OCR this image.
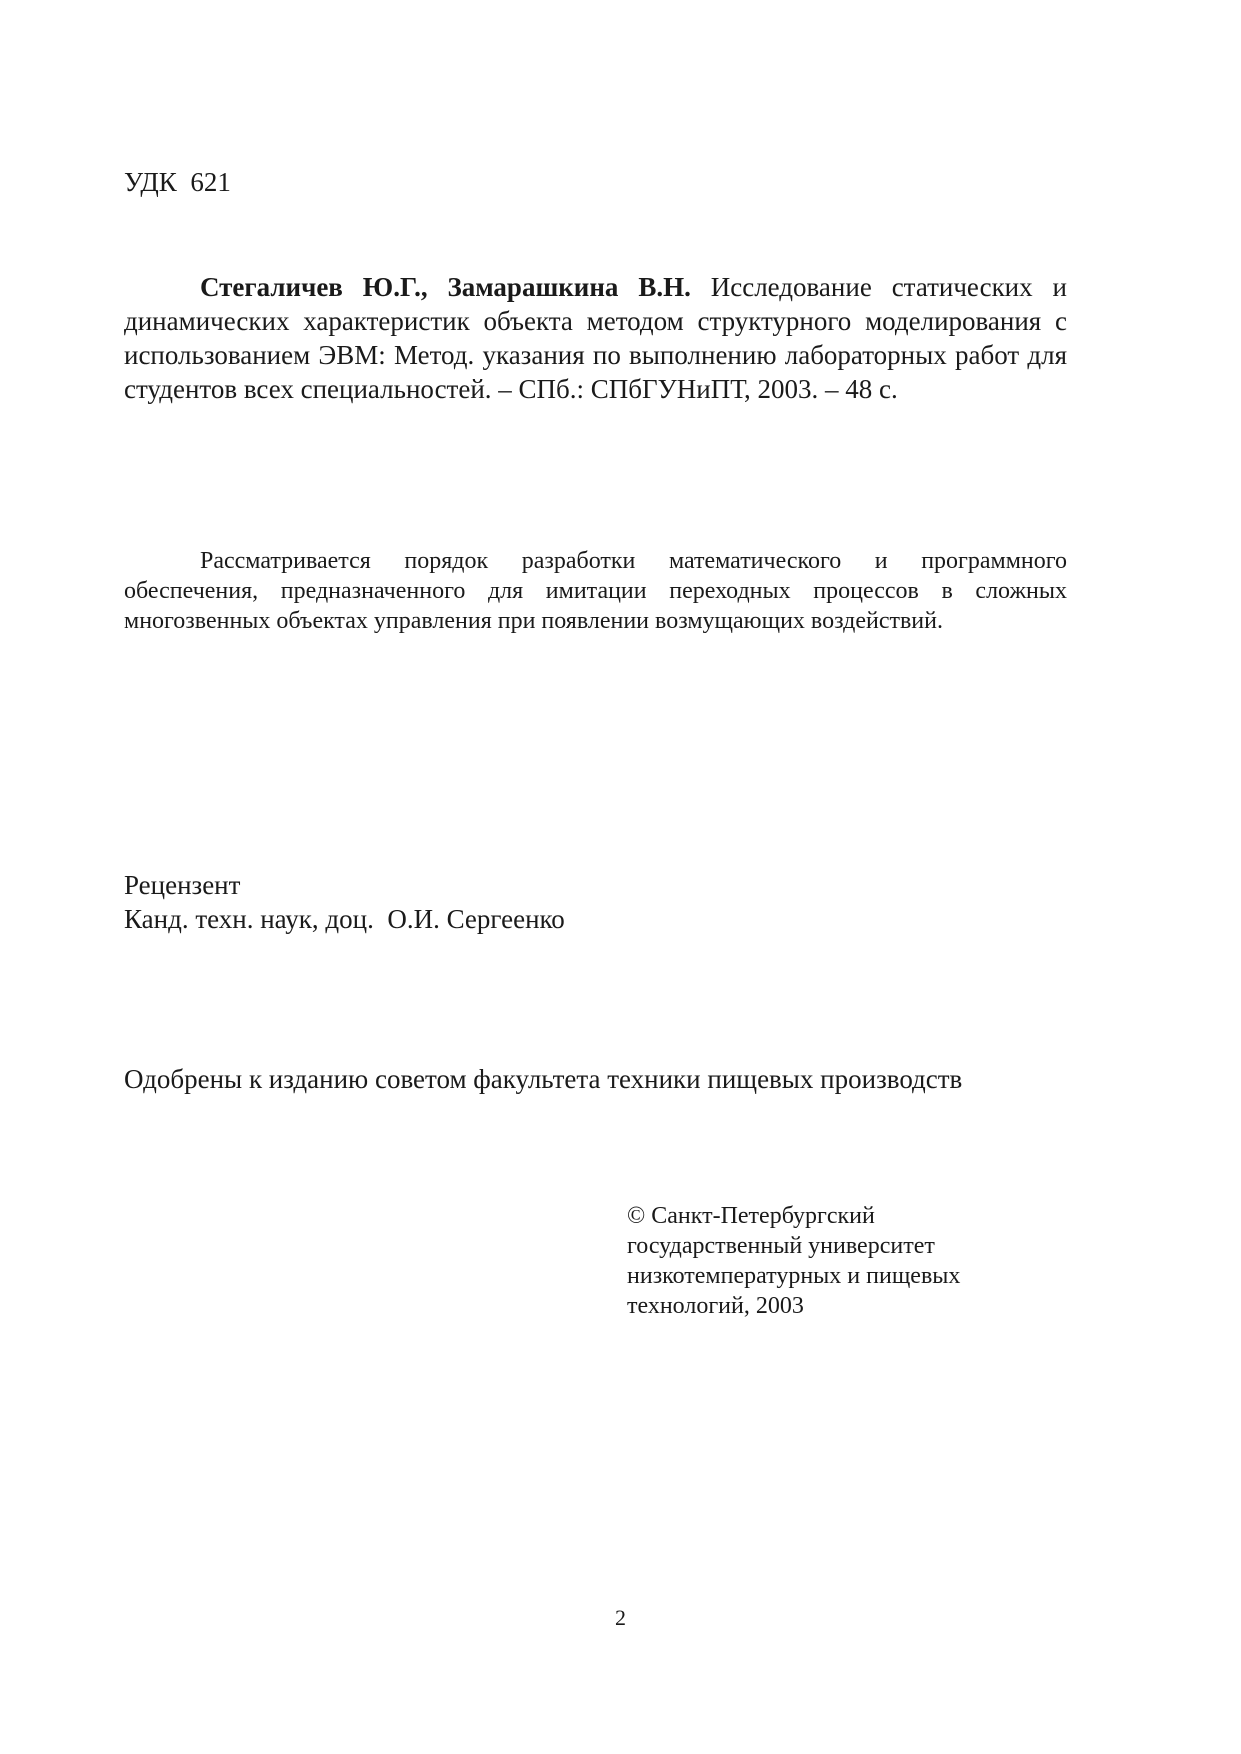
УДК  621
Стегаличев Ю.Г., Замарашкина В.Н. Исследование статических и динамических характеристик объекта методом структурного моделирования с использованием ЭВМ: Метод. указания по выполнению лабораторных работ для студентов всех специальностей. – СПб.: СПбГУНиПТ, 2003. – 48 с.
Рассматривается порядок разработки математического и программного обеспечения, предназначенного для имитации переходных процессов в сложных многозвенных объектах управления при появлении возмущающих воздействий.
Рецензент
Канд. техн. наук, доц.  О.И. Сергеенко
Одобрены к изданию советом факультета техники пищевых производств
© Санкт-Петербургский
государственный университет
низкотемпературных и пищевых
технологий, 2003
2
